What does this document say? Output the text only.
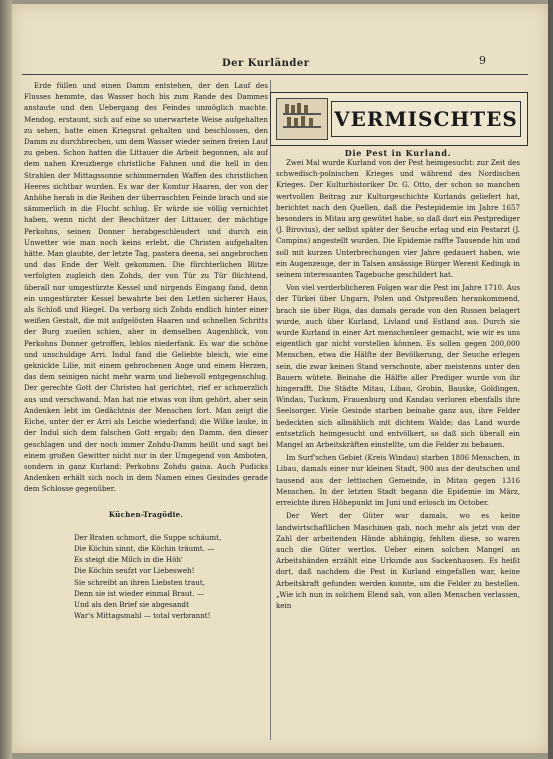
Der Kurländer	9

Erde füllen und einen Damm entstehen, der den Lauf des Flusses hemmte, das Wasser hoch bis zum Rande des Dammes anstaute und den Uebergang des Feindes unmöglich machte. Mendog, erstaunt, sich auf eine so unerwartete Weise aufgehalten zu sehen, hatte einen Kriegsrat gehalten und beschlossen, den Damm zu durchbrechen, um dem Wasser wieder seinen freien Lauf zu geben. Schon hatten die Littauer die Arbeit begonnen, als auf dem nahen Kreuzberge christliche Fahnen und die hell in den Strahlen der Mittagssonne schimmernden Waffen des christlichen Heeres sichtbar wurden. Es war der Komtur Haaren, der von der Anhöhe herab in die Reihen der überraschten Feinde brach und sie sämmerlich in die Flucht schlug. Er würde sie völlig vernichtet haben, wenn nicht der Beschützer der Littauer, der mächtige Perkohns, seinen Donner herabgeschleudert und durch ein Unwetter wie man noch keins erlebt, die Christen aufgehalten hätte. Man glaubte, der letzte Tag, pastera deena, sei angebrochen und das Ende der Welt gekommen. Die fürchterlichen Blitze verfolgten zugleich den Zohds, der von Tür zu Tür flüchtend, überall nur umgestürzte Kessel und nirgends Eingang fand, denn ein umgestürzter Kessel bewahrte bei den Letten sicherer Haus, als Schloß und Riegel. Da verbarg sich Zohds endlich hinter einer weißen Gestalt, die mit aufgelösten Haaren und schnellen Schritts der Burg zueilen schien, aber in demselben Augenblick, von Perkohns Donner getroffen, leblos niederfank. Es war die schöne und unschuldige Arri. Indul fand die Geliebte bleich, wie eine geknickte Lilie, mit einem gebrochenen Auge und einem Herzen, das dem seinigen nicht mehr warm und liebevoll entgegenschlug. Der gerechte Gott der Christen hat gerichtet, rief er schmerzlich aus und verschwand. Man hat nie etwas von ihm gehört, aber sein Andenken lebt im Gedächtnis der Menschen fort. Man zeigt die Eiche, unter der er Arri als Leiche wiederfand; die Wilke lauke, in der Indul sich dem falschen Gott ergab; den Damm, den dieser geschlagen und der noch immer Zohdu-Damm heißt und sagt bei einem großen Gewitter nicht nur in der Umgegend von Amboten, sondern in ganz Kurland: Perkohns Zohdu gaina. Auch Pudicks Andenken erhält sich noch in dem Namen eines Gesindes gerade dem Schlosse gegenüber.

Küchen-Tragödie.

Der Braten schmort, die Suppe schäumt,

Die Köchin sinnt, die Köchin träumt. —

Es steigt die Milch in die Höh'

Die Köchin seufzt vor Liebesweh!

Sie schreibt an ihren Liebsten traut,

Denn sie ist wieder einmal Braut. —

Und als den Brief sie abgesandt

War's Mittagsmahl — total verbrannt!

VERMISCHTES
Die Pest in Kurland.

Zwei Mal wurde Kurland von der Pest heimgesucht: zur Zeit des schwedisch-polnischen Krieges und während des Nordischen Krieges. Der Kulturhistoriker Dr. G. Otto, der schon so manchen wertvollen Beitrag zur Kulturgeschichte Kurlands geliefert hat, berichtet nach den Quellen, daß die Pestepidemie im Jahre 1657 besonders in Mitau arg gewütet habe, so daß dort ein Pestprediger (J. Birovius), der selbst später der Seuche erlag und ein Pestarzt (J. Compins) angestellt wurden. Die Epidemie raffte Tausende hin und soll mit kurzen Unterbrechungen vier Jahre gedauert haben, wie ein Augenzeuge, der in Talsen ansässige Bürger Werent Kedingk in seinem interessanten Tagebuche geschildert hat.

Von viel verderblicheren Folgen war die Pest im Jahre 1710. Aus der Türkei über Ungarn, Polen und Ostpreußen herankommend, brach sie über Riga, das damals gerade von den Russen belagert wurde, auch über Kurland, Livland und Estland aus. Durch sie wurde Kurland in einer Art menschenleer gemacht, wie wir es uns eigentlich gar nicht vorstellen können. Es sollen gegen 200,000 Menschen, etwa die Hälfte der Bevölkerung, der Seuche erlegen sein, die zwar keinen Stand verschonte, aber meistenns unter den Bauern wütete. Beinahe die Hälfte aller Prediger wurde von ihr hingerafft. Die Städte Mitau, Libau, Grobin, Bauske, Goldingen, Windau, Tuckum, Frauenburg und Kandau verloren ebenfalls ihre Seelsorger. Viele Gesinde starben beinahe ganz aus, ihre Felder bedeckten sich allmählich mit dichtem Walde; das Land wurde entsetzlich heimgesucht und entvölkert, so daß sich überall ein Mangel an Arbeitskräften einstellte, um die Felder zu bebauen.

Im Surf'schen Gebiet (Kreis Windau) starben 1806 Menschen, in Libau, damals einer nur kleinen Stadt, 900 aus der deutschen und tausend aus der lettischen Gemeinde, in Mitau gegen 1316 Menschen. In der letzten Stadt begann die Epidemie im März, erreichte ihren Höhepunkt im Juni und erlosch im October.

Der Wert der Güter war damals, wo es keine landwirtschaftlichen Maschinen gab, noch mehr als jetzt von der Zahl der arbeitenden Hände abhängig, fehlten diese, so waren auch die Güter wertlos. Ueber einen solchen Mangel an Arbeitshänden erzählt eine Urkunde aus Sackenhausen. Es heißt dort, daß nachdem die Pest in Kurland eingefallen war, keine Arbeitskraft gefunden werden konnte, um die Felder zu bestellen. „Wie ich nun in solchem Elend sah, von allen Menschen verlassen, kein
